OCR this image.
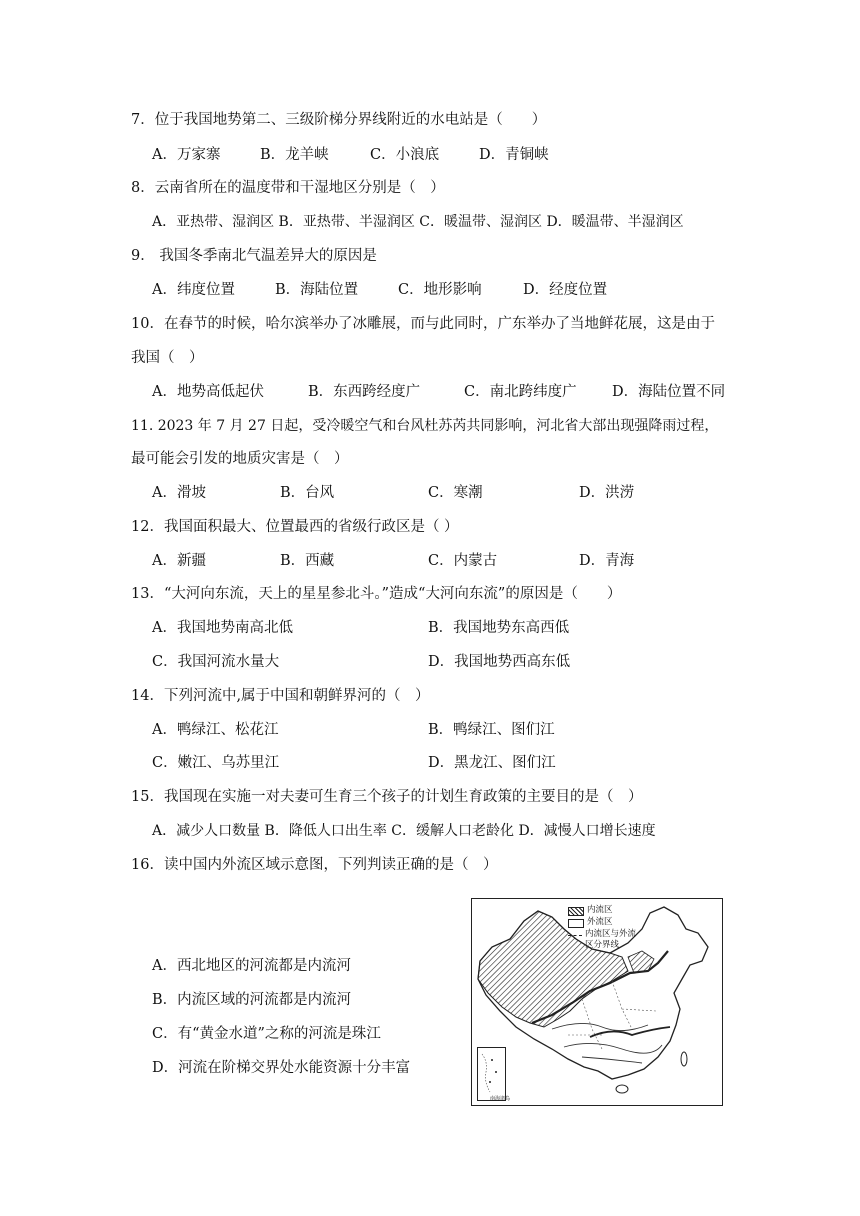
7．位于我国地势第二、三级阶梯分界线附近的水电站是（　　）
A．万家寨	B．龙羊峡	C．小浪底	D．青铜峡
8．云南省所在的温度带和干湿地区分别是（　）
A．亚热带、湿润区 B．亚热带、半湿润区 C．暖温带、湿润区 D．暖温带、半湿润区
9． 我国冬季南北气温差异大的原因是
A．纬度位置	B．海陆位置	C．地形影响	D．经度位置
10．在春节的时候，哈尔滨举办了冰雕展，而与此同时，广东举办了当地鲜花展，这是由于
我国（　）
A．地势高低起伏	B．东西跨经度广	C．南北跨纬度广 D．海陆位置不同
11. 2023 年 7 月 27 日起，受冷暖空气和台风杜苏芮共同影响，河北省大部出现强降雨过程，
最可能会引发的地质灾害是（　）
A．滑坡	B．台风	C．寒潮	D．洪涝
12．我国面积最大、位置最西的省级行政区是（ ）
A．新疆	B．西藏	C．内蒙古	D．青海
13．“大河向东流，天上的星星参北斗。”造成“大河向东流”的原因是（　　）
A．我国地势南高北低	B．我国地势东高西低
C．我国河流水量大	D．我国地势西高东低
14．下列河流中,属于中国和朝鲜界河的（　）
A．鸭绿江、松花江	B．鸭绿江、图们江
C．嫩江、乌苏里江	D．黑龙江、图们江
15．我国现在实施一对夫妻可生育三个孩子的计划生育政策的主要目的是（　）
A．减少人口数量 B．降低人口出生率 C．缓解人口老龄化 D．减慢人口增长速度
16．读中国内外流区域示意图，下列判读正确的是（　）
A．西北地区的河流都是内流河
B．内流区域的河流都是内流河
C．有“黄金水道”之称的河流是珠江
D．河流在阶梯交界处水能资源十分丰富
内流区
外流区
内流区与外流区分界线
南海诸岛
